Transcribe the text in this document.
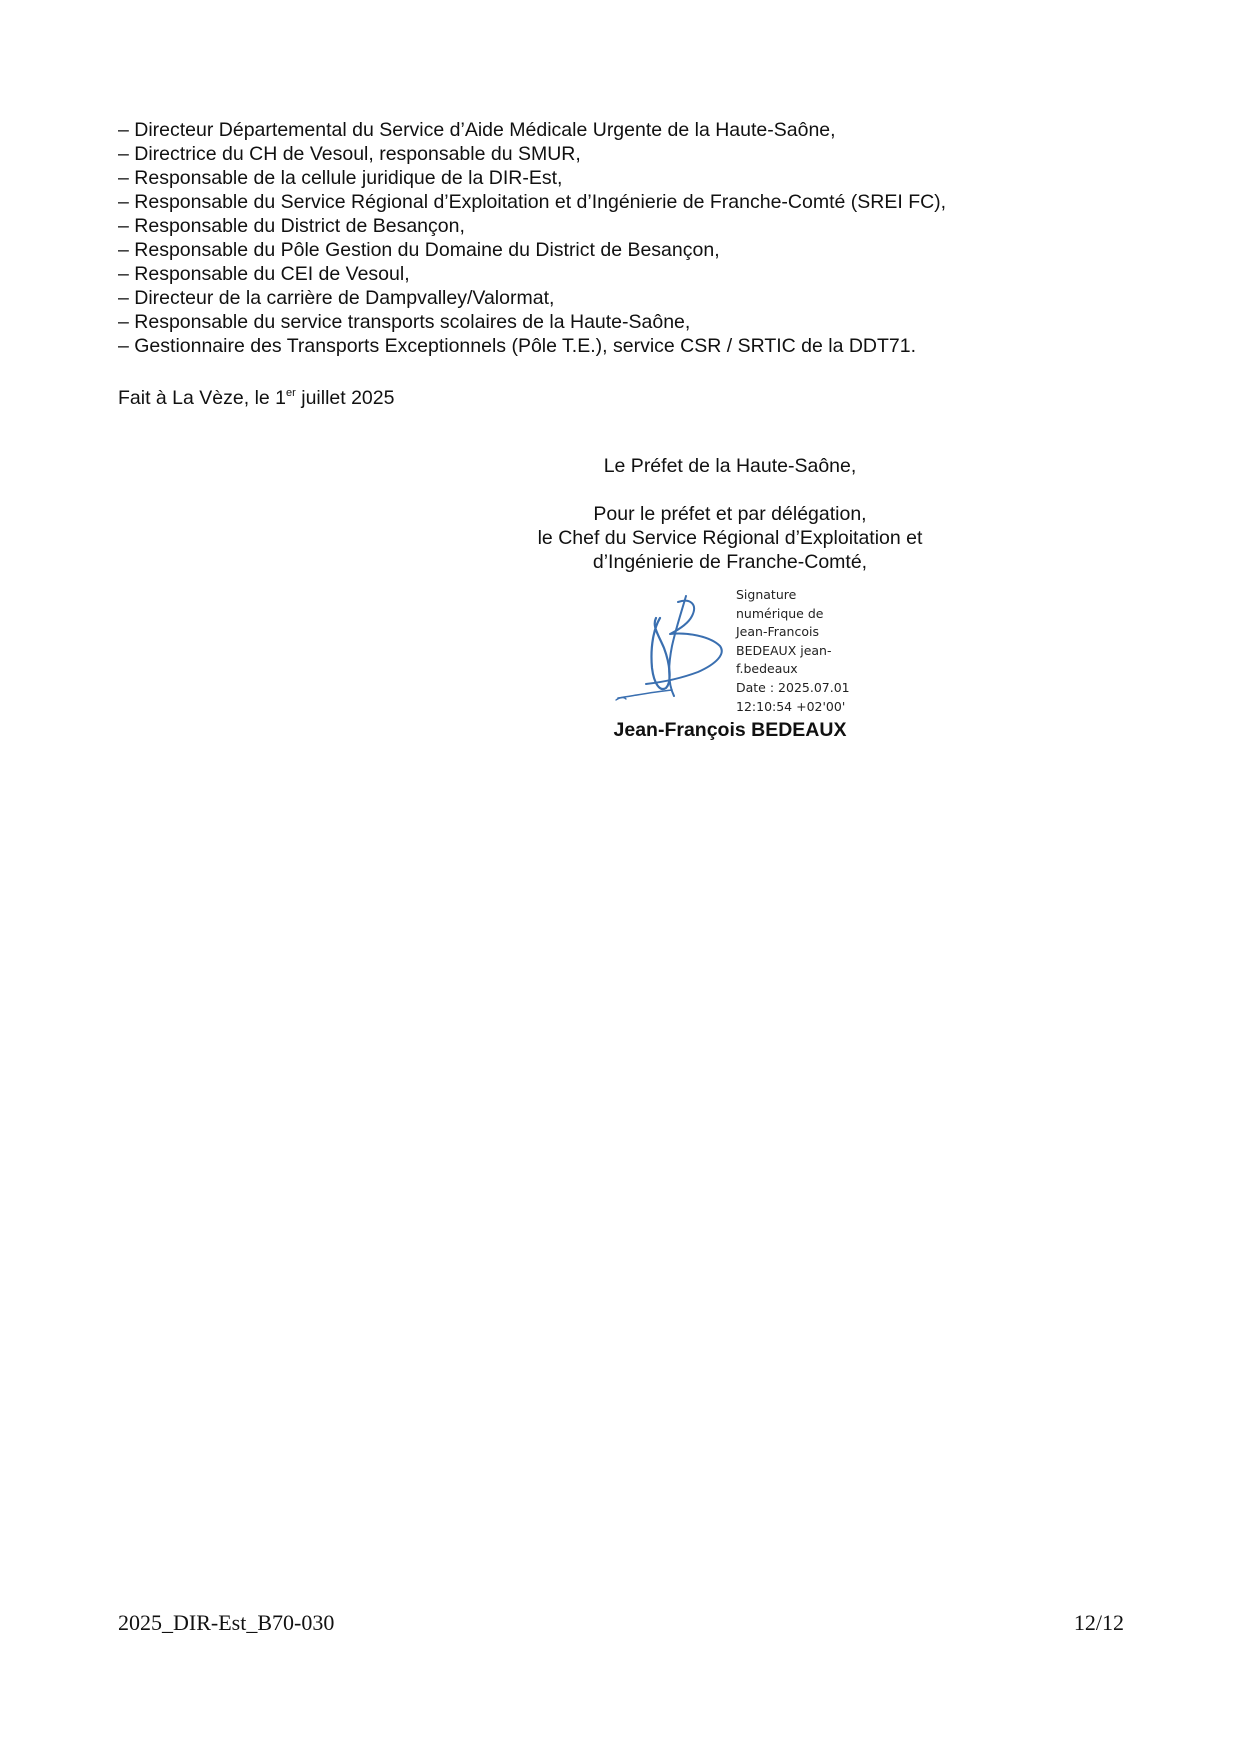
– Directeur Départemental du Service d’Aide Médicale Urgente de la Haute-Saône,
– Directrice du CH de Vesoul, responsable du SMUR,
– Responsable de la cellule juridique de la DIR-Est,
– Responsable du Service Régional d’Exploitation et d’Ingénierie de Franche-Comté (SREI FC),
– Responsable du District de Besançon,
– Responsable du Pôle Gestion du Domaine du District de Besançon,
– Responsable du CEI de Vesoul,
– Directeur de la carrière de Dampvalley/Valormat,
– Responsable du service transports scolaires de la Haute-Saône,
– Gestionnaire des Transports Exceptionnels (Pôle T.E.), service CSR / SRTIC de la DDT71.
Fait à La Vèze, le 1er juillet 2025
Le Préfet de la Haute-Saône,
Pour le préfet et par délégation,
le Chef du Service Régional d’Exploitation et
d’Ingénierie de Franche-Comté,
Signature
numérique de
Jean-Francois
BEDEAUX jean-
f.bedeaux
Date : 2025.07.01
12:10:54 +02'00'
Jean-François BEDEAUX
2025_DIR-Est_B70-030	12/12
